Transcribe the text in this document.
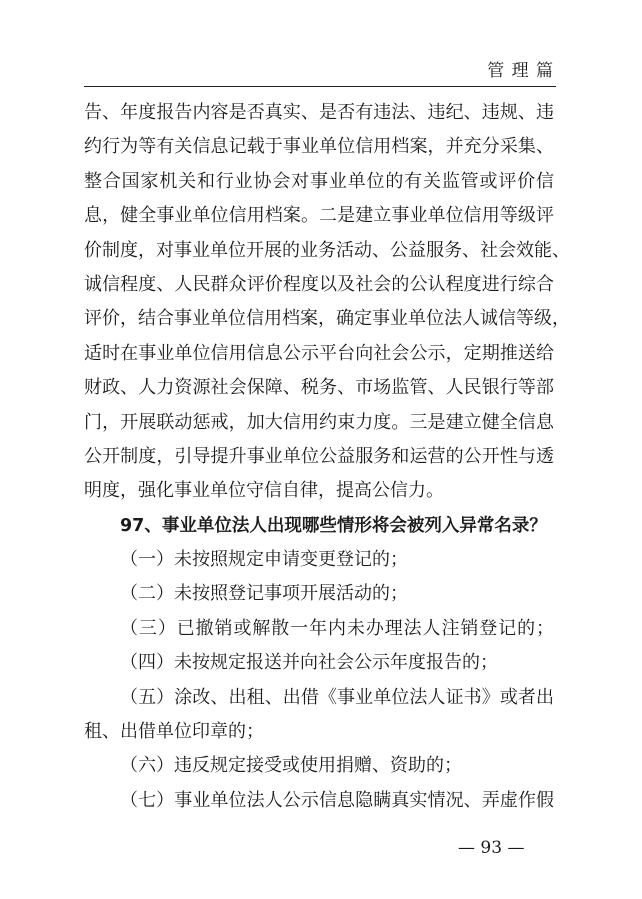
管 理 篇
告、年度报告内容是否真实、是否有违法、违纪、违规、违
约行为等有关信息记载于事业单位信用档案，并充分采集、
整合国家机关和行业协会对事业单位的有关监管或评价信
息，健全事业单位信用档案。二是建立事业单位信用等级评
价制度，对事业单位开展的业务活动、公益服务、社会效能、
诚信程度、人民群众评价程度以及社会的公认程度进行综合
评价，结合事业单位信用档案，确定事业单位法人诚信等级，
适时在事业单位信用信息公示平台向社会公示，定期推送给
财政、人力资源社会保障、税务、市场监管、人民银行等部
门，开展联动惩戒，加大信用约束力度。三是建立健全信息
公开制度，引导提升事业单位公益服务和运营的公开性与透
明度，强化事业单位守信自律，提高公信力。
97、事业单位法人出现哪些情形将会被列入异常名录？
（一）未按照规定申请变更登记的；
（二）未按照登记事项开展活动的；
（三）已撤销或解散一年内未办理法人注销登记的；
（四）未按规定报送并向社会公示年度报告的；
（五）涂改、出租、出借《事业单位法人证书》或者出
租、出借单位印章的；
（六）违反规定接受或使用捐赠、资助的；
（七）事业单位法人公示信息隐瞒真实情况、弄虚作假
— 93 —
